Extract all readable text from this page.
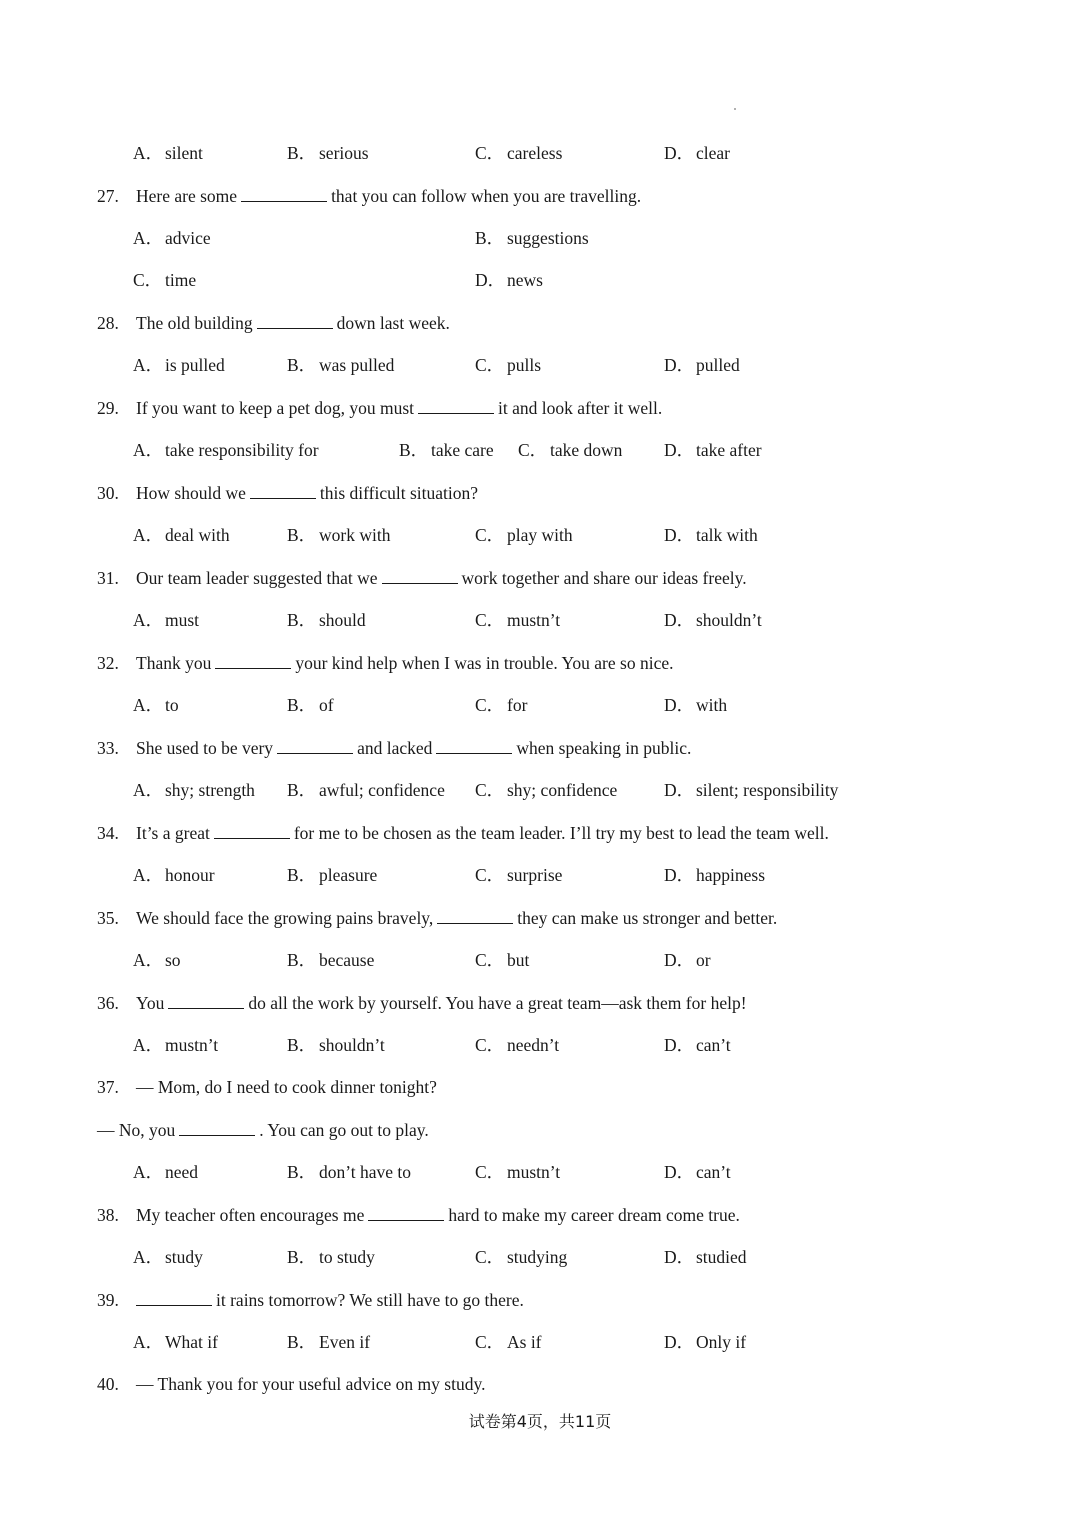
A． silent	B． serious	C． careless	D． clear
27. Here are some	that you can follow when you are travelling.
A． advice	B． suggestions
C． time	D． news
28. The old building	down last week.
A． is pulled	B． was pulled	C． pulls	D． pulled
29. If you want to keep a pet dog, you must	it and look after it well.
A． take responsibility for	B． take care C． take down D． take after
30. How should we	this difficult situation?
A． deal with	B． work with	C． play with	D． talk with
31. Our team leader suggested that we	work together and share our ideas freely.
A． must	B． should	C． mustn’t	D． shouldn’t
32. Thank you	your kind help when I was in trouble. You are so nice.
A． to	B． of	C． for	D． with
33. She used to be very	and lacked	when speaking in public.
A． shy; strength B． awful; confidence C． shy; confidence	D． silent; responsibility
34. It’s a great	for me to be chosen as the team leader. I’ll try my best to lead the team well.
A． honour	B． pleasure	C． surprise	D． happiness
35. We should face the growing pains bravely,	they can make us stronger and better.
A． so	B． because	C． but	D． or
36. You	do all the work by yourself. You have a great team—ask them for help!
A． mustn’t	B． shouldn’t	C． needn’t	D． can’t
37. — Mom, do I need to cook dinner tonight?
— No, you	. You can go out to play.
A． need	B． don’t have to	C． mustn’t	D． can’t
38. My teacher often encourages me	hard to make my career dream come true.
A． study	B． to study	C． studying	D． studied
39.	it rains tomorrow? We still have to go there.
A． What if	B． Even if	C． As if	D． Only if
40. — Thank you for your useful advice on my study.
试卷第4页，共11页
